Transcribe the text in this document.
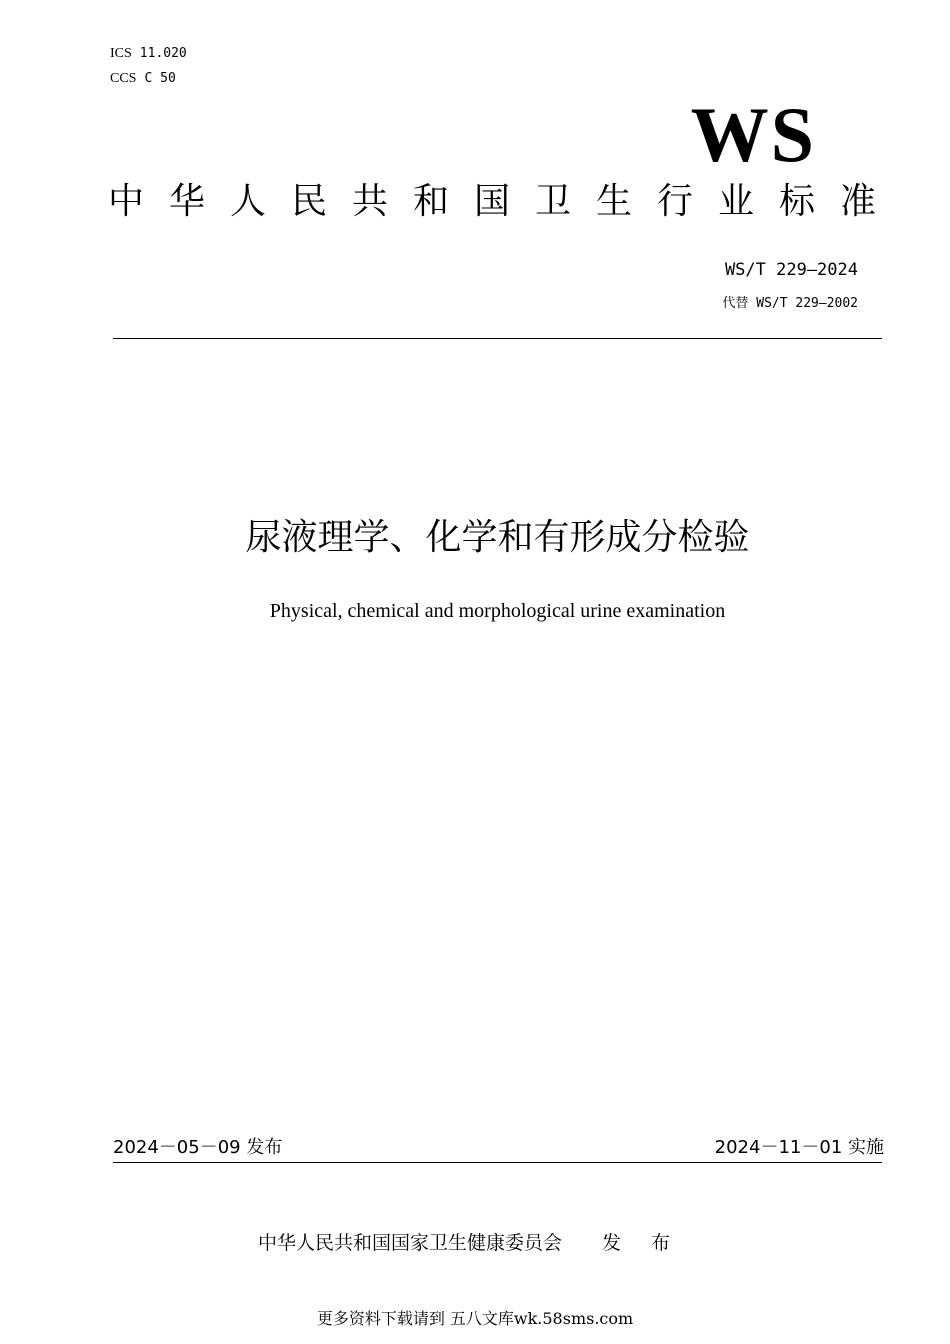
ICS 11.020
CCS C 50
WS
中华人民共和国卫生行业标准
WS/T 229—2024
代替 WS/T 229—2002
尿液理学、化学和有形成分检验
Physical, chemical and morphological urine examination
2024－05－09 发布	2024－11－01 实施
中华人民共和国国家卫生健康委员会 发 布
更多资料下载请到 五八文库wk.58sms.com
